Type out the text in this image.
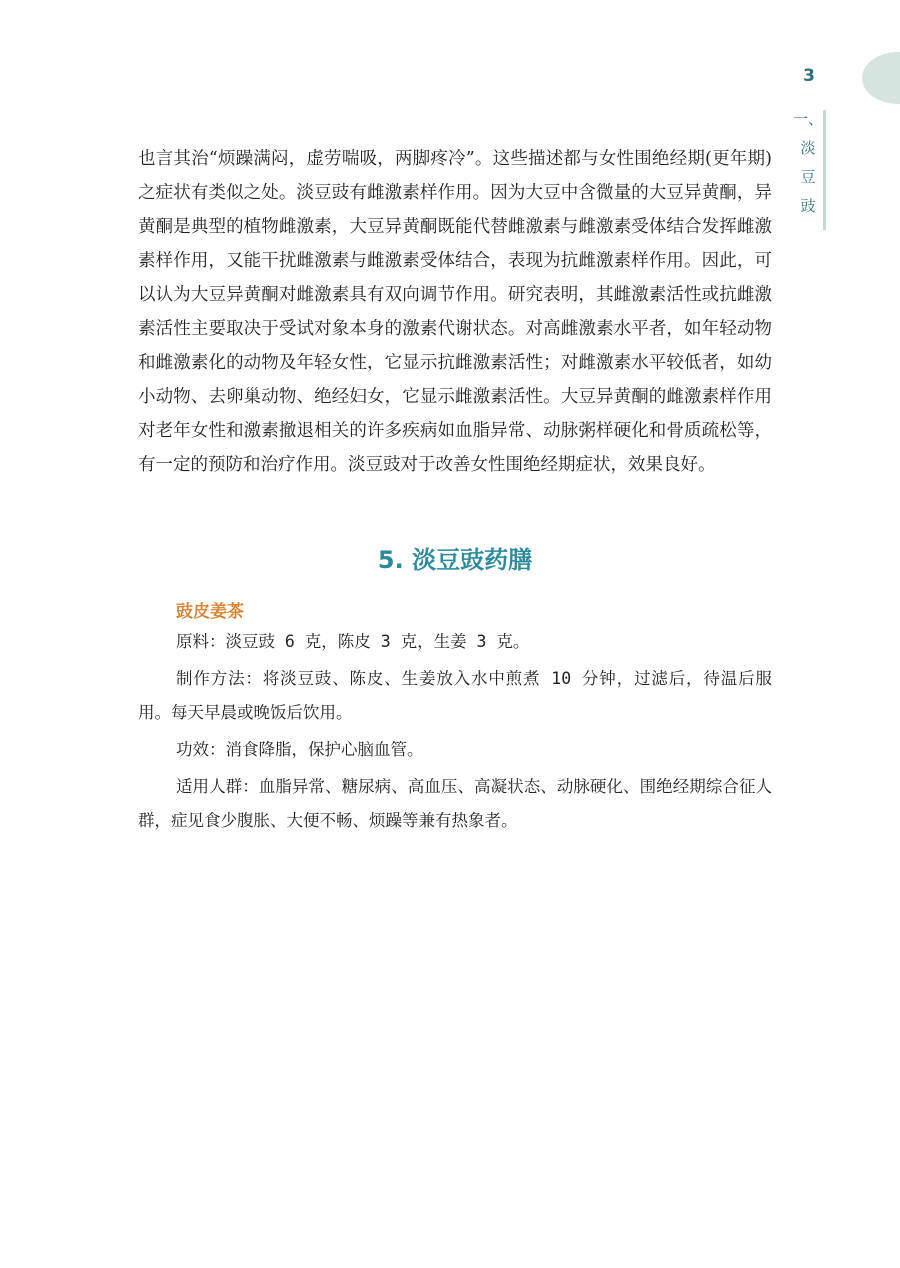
3
一、
淡
豆
豉

也言其治“烦躁满闷，虚劳喘吸，两脚疼冷”。这些描述都与女性围绝经期(更年期)之症状有类似之处。淡豆豉有雌激素样作用。因为大豆中含微量的大豆异黄酮，异黄酮是典型的植物雌激素，大豆异黄酮既能代替雌激素与雌激素受体结合发挥雌激素样作用，又能干扰雌激素与雌激素受体结合，表现为抗雌激素样作用。因此，可以认为大豆异黄酮对雌激素具有双向调节作用。研究表明，其雌激素活性或抗雌激素活性主要取决于受试对象本身的激素代谢状态。对高雌激素水平者，如年轻动物和雌激素化的动物及年轻女性，它显示抗雌激素活性；对雌激素水平较低者，如幼小动物、去卵巢动物、绝经妇女，它显示雌激素活性。大豆异黄酮的雌激素样作用对老年女性和激素撤退相关的许多疾病如血脂异常、动脉粥样硬化和骨质疏松等，有一定的预防和治疗作用。淡豆豉对于改善女性围绝经期症状，效果良好。

5. 淡豆豉药膳
豉皮姜茶

原料：淡豆豉 6 克，陈皮 3 克，生姜 3 克。

制作方法：将淡豆豉、陈皮、生姜放入水中煎煮 10 分钟，过滤后，待温后服用。每天早晨或晚饭后饮用。

功效：消食降脂，保护心脑血管。

适用人群：血脂异常、糖尿病、高血压、高凝状态、动脉硬化、围绝经期综合征人群，症见食少腹胀、大便不畅、烦躁等兼有热象者。
